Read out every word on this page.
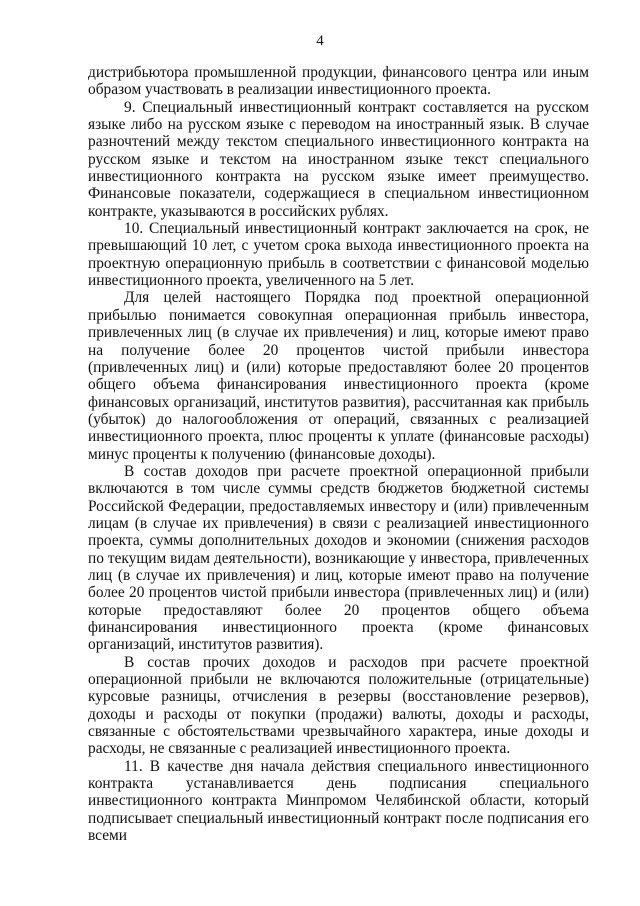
4

дистрибьютора промышленной продукции, финансового центра или иным образом участвовать в реализации инвестиционного проекта.

9. Специальный инвестиционный контракт составляется на русском языке либо на русском языке с переводом на иностранный язык. В случае разночтений между текстом специального инвестиционного контракта на русском языке и текстом на иностранном языке текст специального инвестиционного контракта на русском языке имеет преимущество. Финансовые показатели, содержащиеся в специальном инвестиционном контракте, указываются в российских рублях.

10. Специальный инвестиционный контракт заключается на срок, не превышающий 10 лет, с учетом срока выхода инвестиционного проекта на проектную операционную прибыль в соответствии с финансовой моделью инвестиционного проекта, увеличенного на 5 лет.

Для целей настоящего Порядка под проектной операционной прибылью понимается совокупная операционная прибыль инвестора, привлеченных лиц (в случае их привлечения) и лиц, которые имеют право на получение более 20 процентов чистой прибыли инвестора (привлеченных лиц) и (или) которые предоставляют более 20 процентов общего объема финансирования инвестиционного проекта (кроме финансовых организаций, институтов развития), рассчитанная как прибыль (убыток) до налогообложения от операций, связанных с реализацией инвестиционного проекта, плюс проценты к уплате (финансовые расходы) минус проценты к получению (финансовые доходы).

В состав доходов при расчете проектной операционной прибыли включаются в том числе суммы средств бюджетов бюджетной системы Российской Федерации, предоставляемых инвестору и (или) привлеченным лицам (в случае их привлечения) в связи с реализацией инвестиционного проекта, суммы дополнительных доходов и экономии (снижения расходов по текущим видам деятельности), возникающие у инвестора, привлеченных лиц (в случае их привлечения) и лиц, которые имеют право на получение более 20 процентов чистой прибыли инвестора (привлеченных лиц) и (или) которые предоставляют более 20 процентов общего объема финансирования инвестиционного проекта (кроме финансовых организаций, институтов развития).

В состав прочих доходов и расходов при расчете проектной операционной прибыли не включаются положительные (отрицательные) курсовые разницы, отчисления в резервы (восстановление резервов), доходы и расходы от покупки (продажи) валюты, доходы и расходы, связанные с обстоятельствами чрезвычайного характера, иные доходы и расходы, не связанные с реализацией инвестиционного проекта.

11. В качестве дня начала действия специального инвестиционного контракта устанавливается день подписания специального инвестиционного контракта Минпромом Челябинской области, который подписывает специальный инвестиционный контракт после подписания его всеми
